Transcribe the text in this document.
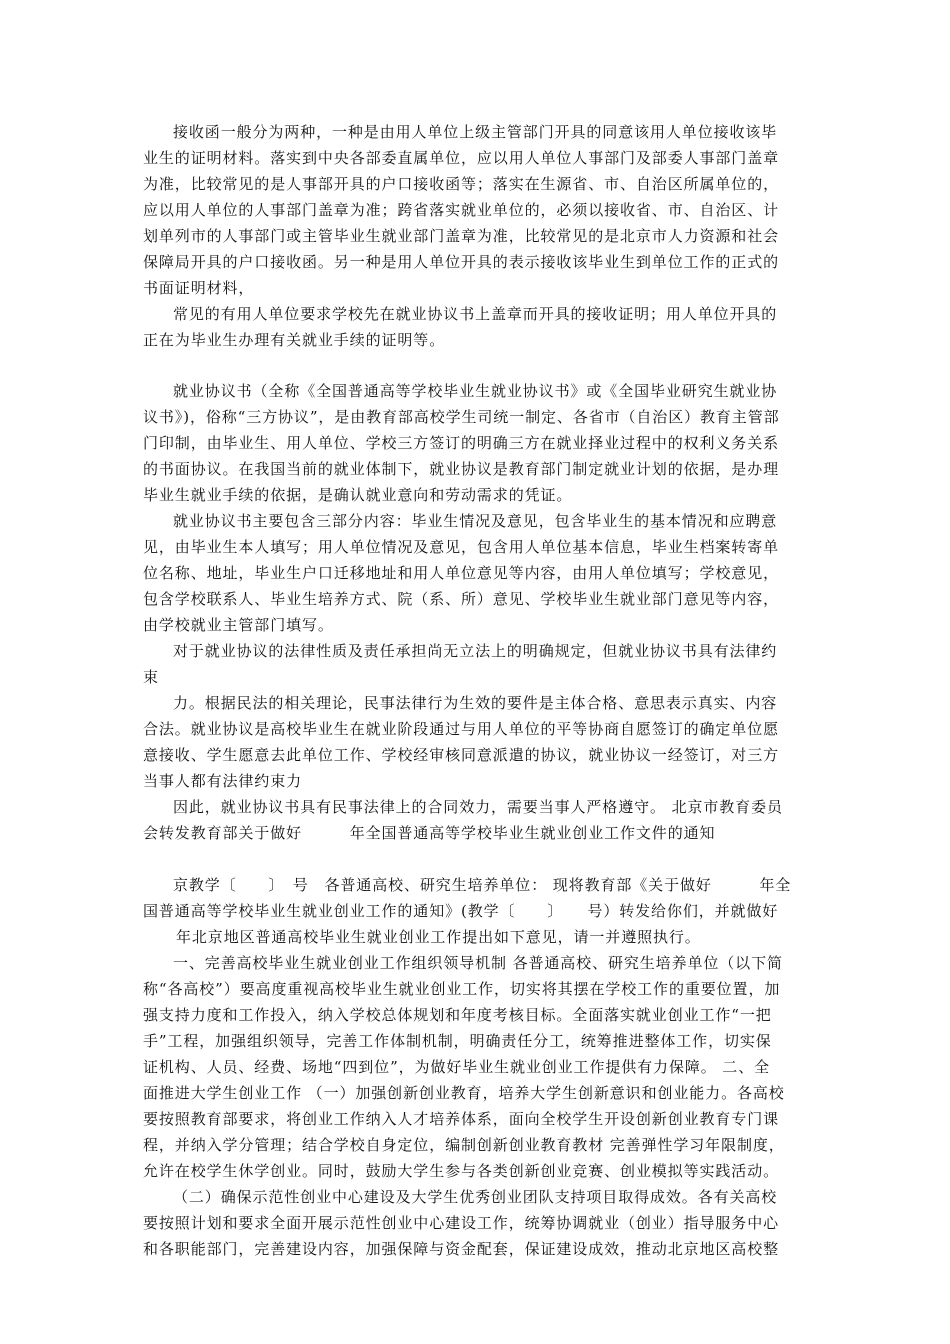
接收函一般分为两种，一种是由用人单位上级主管部门开具的同意该用人单位接收该毕
业生的证明材料。落实到中央各部委直属单位，应以用人单位人事部门及部委人事部门盖章
为准，比较常见的是人事部开具的户口接收函等；落实在生源省、市、自治区所属单位的，
应以用人单位的人事部门盖章为准；跨省落实就业单位的，必须以接收省、市、自治区、计
划单列市的人事部门或主管毕业生就业部门盖章为准，比较常见的是北京市人力资源和社会
保障局开具的户口接收函。另一种是用人单位开具的表示接收该毕业生到单位工作的正式的
书面证明材料，
常见的有用人单位要求学校先在就业协议书上盖章而开具的接收证明；用人单位开具的
正在为毕业生办理有关就业手续的证明等。
就业协议书（全称《全国普通高等学校毕业生就业协议书》或《全国毕业研究生就业协
议书》)，俗称“三方协议”，是由教育部高校学生司统一制定、各省市（自治区）教育主管部
门印制，由毕业生、用人单位、学校三方签订的明确三方在就业择业过程中的权利义务关系
的书面协议。在我国当前的就业体制下，就业协议是教育部门制定就业计划的依据，是办理
毕业生就业手续的依据，是确认就业意向和劳动需求的凭证。
就业协议书主要包含三部分内容：毕业生情况及意见，包含毕业生的基本情况和应聘意
见，由毕业生本人填写；用人单位情况及意见，包含用人单位基本信息，毕业生档案转寄单
位名称、地址，毕业生户口迁移地址和用人单位意见等内容，由用人单位填写；学校意见，
包含学校联系人、毕业生培养方式、院（系、所）意见、学校毕业生就业部门意见等内容，
由学校就业主管部门填写。
对于就业协议的法律性质及责任承担尚无立法上的明确规定，但就业协议书具有法律约
束
力。根据民法的相关理论，民事法律行为生效的要件是主体合格、意思表示真实、内容
合法。就业协议是高校毕业生在就业阶段通过与用人单位的平等协商自愿签订的确定单位愿
意接收、学生愿意去此单位工作、学校经审核同意派遣的协议，就业协议一经签订，对三方
当事人都有法律约束力
因此，就业协议书具有民事法律上的合同效力，需要当事人严格遵守。 北京市教育委员
会转发教育部关于做好　　　年全国普通高等学校毕业生就业创业工作文件的通知
京教学〔　　〕　号　各普通高校、研究生培养单位： 现将教育部《关于做好　　　年全
国普通高等学校毕业生就业创业工作的通知》(教学〔　　〕　　号）转发给你们，并就做好
年北京地区普通高校毕业生就业创业工作提出如下意见，请一并遵照执行。
一、完善高校毕业生就业创业工作组织领导机制 各普通高校、研究生培养单位（以下简
称“各高校”）要高度重视高校毕业生就业创业工作，切实将其摆在学校工作的重要位置，加
强支持力度和工作投入，纳入学校总体规划和年度考核目标。全面落实就业创业工作“一把
手”工程，加强组织领导，完善工作体制机制，明确责任分工，统筹推进整体工作，切实保
证机构、人员、经费、场地“四到位”，为做好毕业生就业创业工作提供有力保障。 二、全
面推进大学生创业工作 （一）加强创新创业教育，培养大学生创新意识和创业能力。各高校
要按照教育部要求，将创业工作纳入人才培养体系，面向全校学生开设创新创业教育专门课
程，并纳入学分管理；结合学校自身定位，编制创新创业教育教材 完善弹性学习年限制度，
允许在校学生休学创业。同时，鼓励大学生参与各类创新创业竞赛、创业模拟等实践活动。
（二）确保示范性创业中心建设及大学生优秀创业团队支持项目取得成效。各有关高校
要按照计划和要求全面开展示范性创业中心建设工作，统筹协调就业（创业）指导服务中心
和各职能部门，完善建设内容，加强保障与资金配套，保证建设成效，推动北京地区高校整
